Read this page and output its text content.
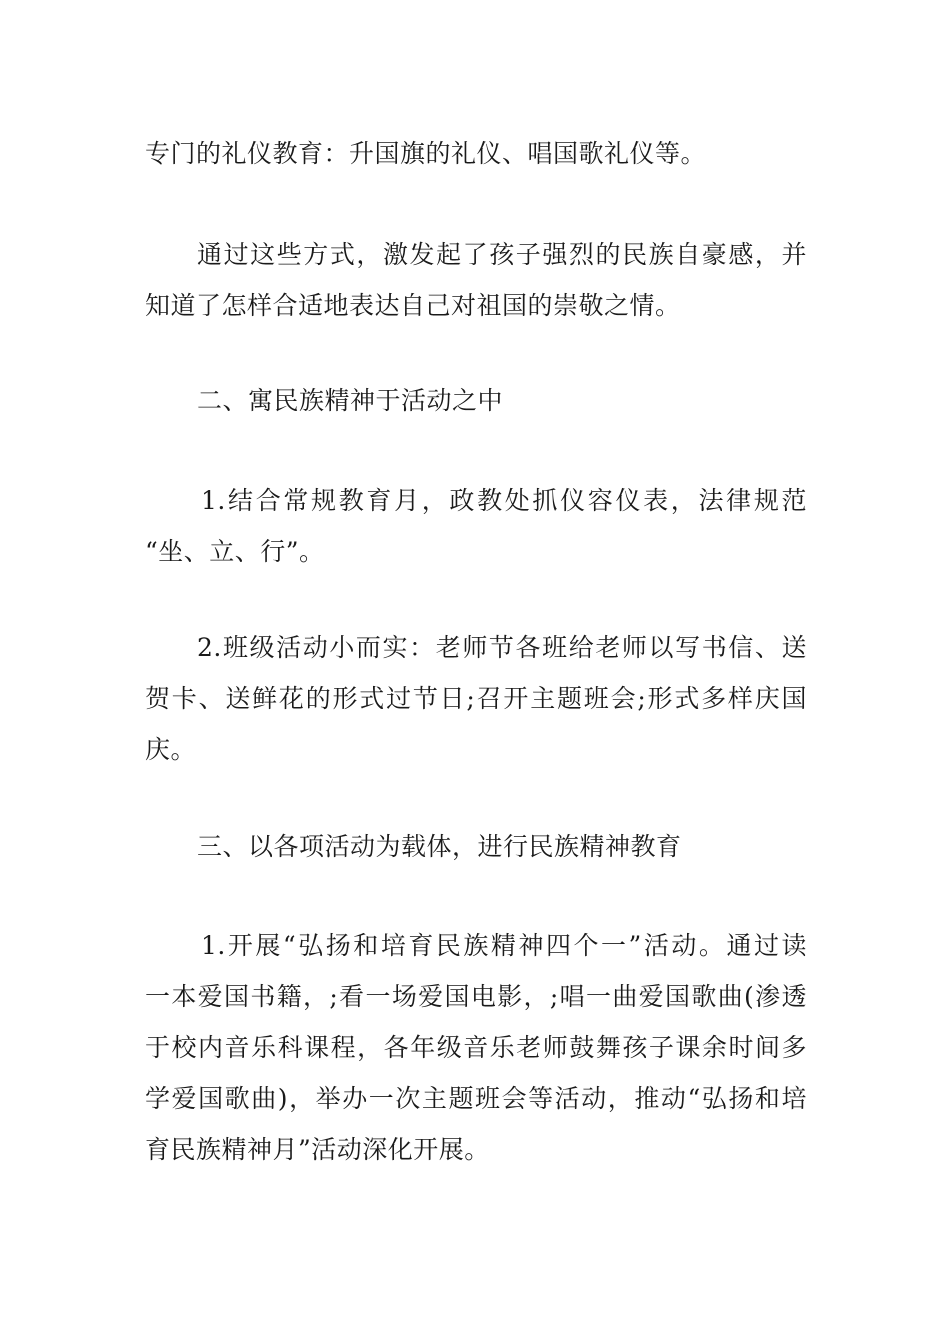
专门的礼仪教育：升国旗的礼仪、唱国歌礼仪等。
通过这些方式，激发起了孩子强烈的民族自豪感，并
知道了怎样合适地表达自己对祖国的崇敬之情。
二、寓民族精神于活动之中
1.结合常规教育月，政教处抓仪容仪表，法律规范
“坐、立、行”。
2.班级活动小而实：老师节各班给老师以写书信、送
贺卡、送鲜花的形式过节日;召开主题班会;形式多样庆国
庆。
三、以各项活动为载体，进行民族精神教育
1.开展“弘扬和培育民族精神四个一”活动。通过读
一本爱国书籍，;看一场爱国电影，;唱一曲爱国歌曲(渗透
于校内音乐科课程，各年级音乐老师鼓舞孩子课余时间多
学爱国歌曲)，举办一次主题班会等活动，推动“弘扬和培
育民族精神月”活动深化开展。
